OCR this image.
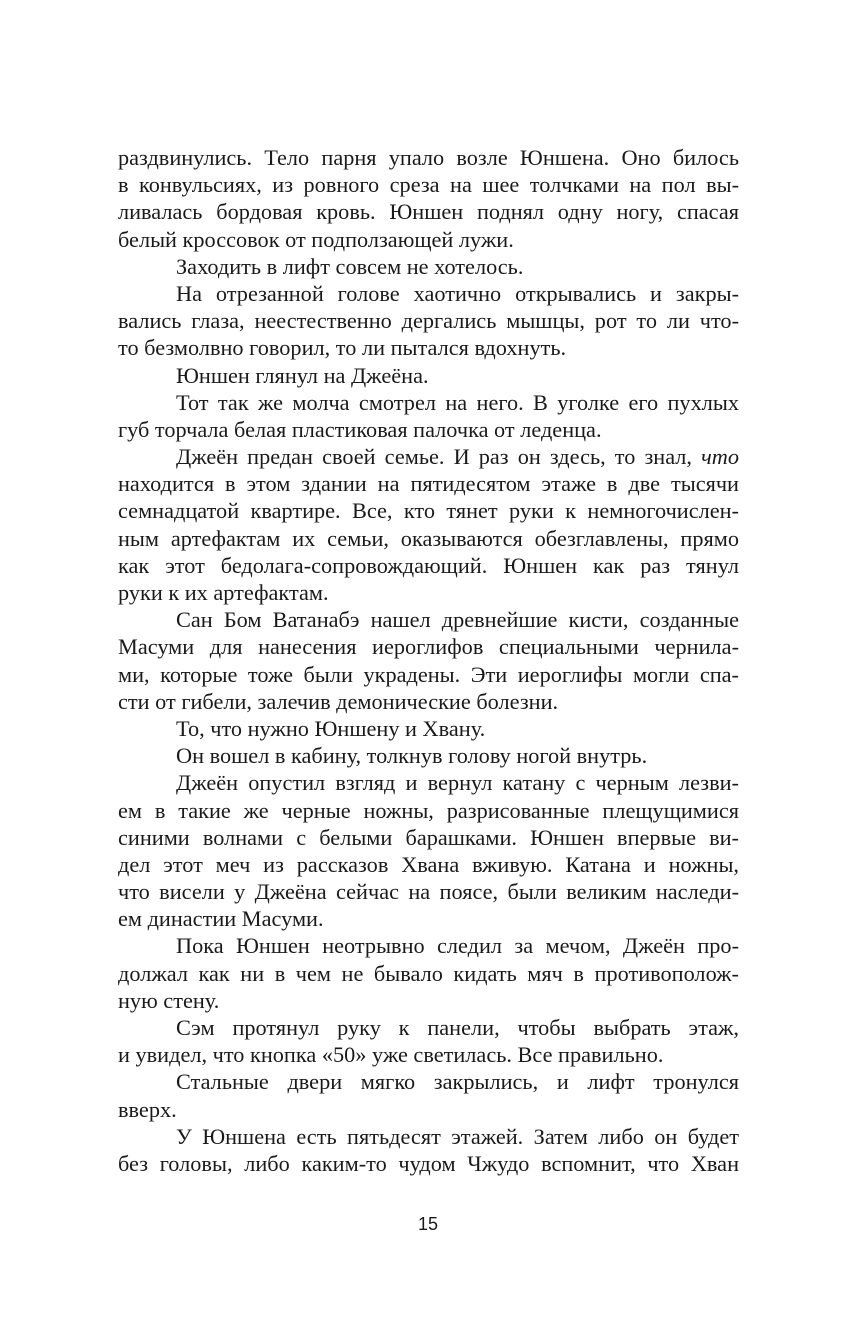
раздвинулись. Тело парня упало возле Юншена. Оно билось
в конвульсиях, из ровного среза на шее толчками на пол вы-
ливалась бордовая кровь. Юншен поднял одну ногу, спасая
белый кроссовок от подползающей лужи.
Заходить в лифт совсем не хотелось.
На отрезанной голове хаотично открывались и закры-
вались глаза, неестественно дергались мышцы, рот то ли что-
то безмолвно говорил, то ли пытался вдохнуть.
Юншен глянул на Джеёна.
Тот так же молча смотрел на него. В уголке его пухлых
губ торчала белая пластиковая палочка от леденца.
Джеён предан своей семье. И раз он здесь, то знал, что
находится в этом здании на пятидесятом этаже в две тысячи
семнадцатой квартире. Все, кто тянет руки к немногочислен-
ным артефактам их семьи, оказываются обезглавлены, прямо
как этот бедолага-сопровождающий. Юншен как раз тянул
руки к их артефактам.
Сан Бом Ватанабэ нашел древнейшие кисти, созданные
Масуми для нанесения иероглифов специальными чернила-
ми, которые тоже были украдены. Эти иероглифы могли спа-
сти от гибели, залечив демонические болезни.
То, что нужно Юншену и Хвану.
Он вошел в кабину, толкнув голову ногой внутрь.
Джеён опустил взгляд и вернул катану с черным лезви-
ем в такие же черные ножны, разрисованные плещущимися
синими волнами с белыми барашками. Юншен впервые ви-
дел этот меч из рассказов Хвана вживую. Катана и ножны,
что висели у Джеёна сейчас на поясе, были великим наследи-
ем династии Масуми.
Пока Юншен неотрывно следил за мечом, Джеён про-
должал как ни в чем не бывало кидать мяч в противополож-
ную стену.
Сэм протянул руку к панели, чтобы выбрать этаж,
и увидел, что кнопка «50» уже светилась. Все правильно.
Стальные двери мягко закрылись, и лифт тронулся
вверх.
У Юншена есть пятьдесят этажей. Затем либо он будет
без головы, либо каким-то чудом Чжудо вспомнит, что Хван
15
